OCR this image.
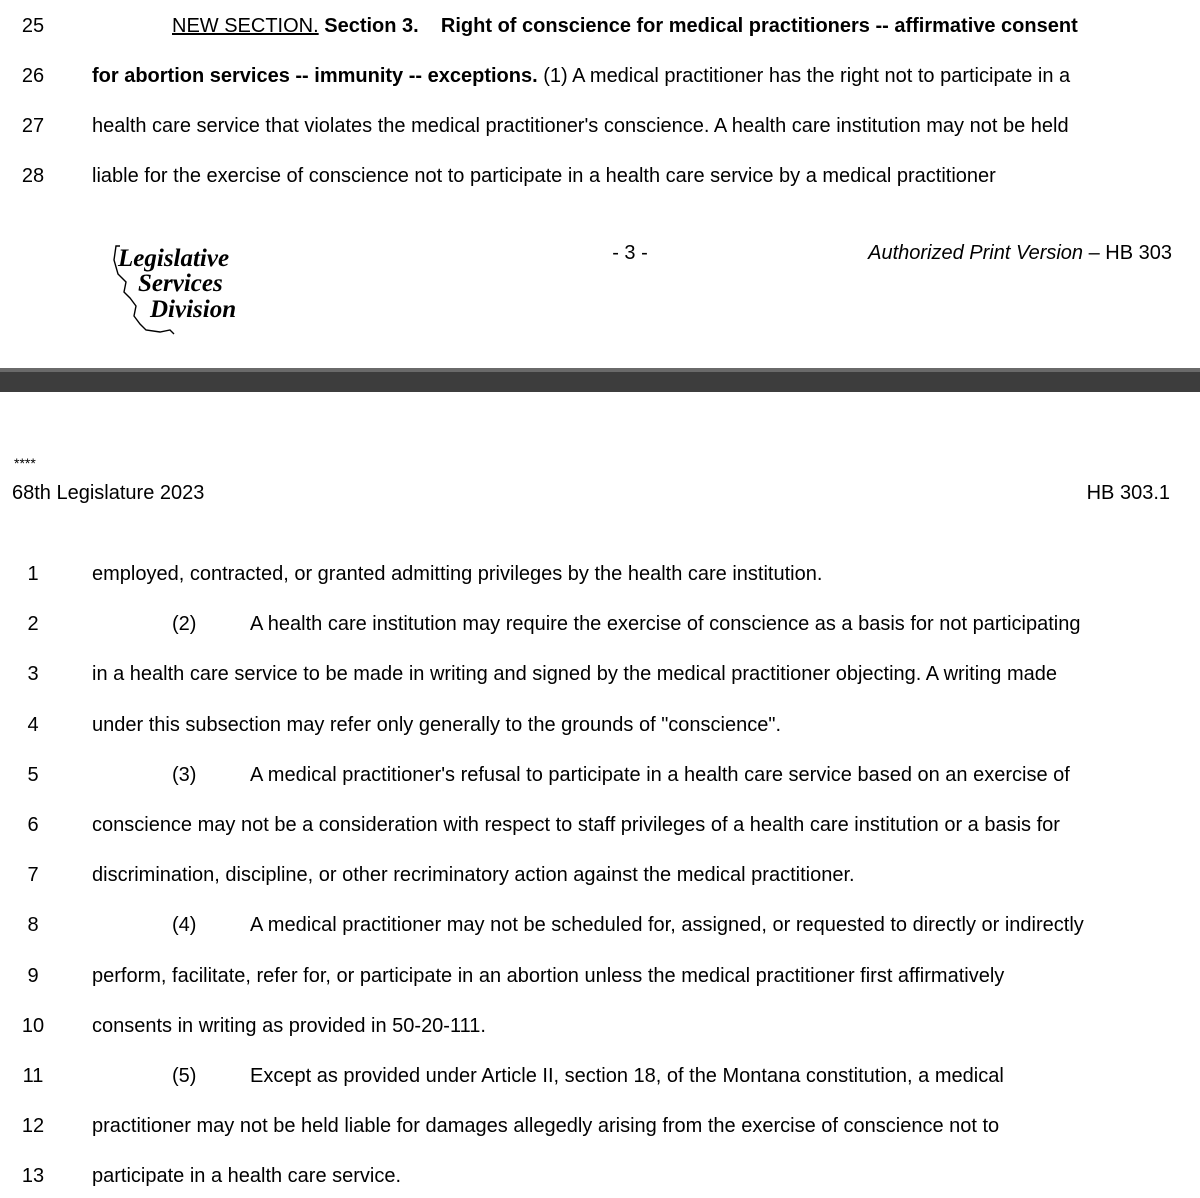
25	NEW SECTION. Section 3.    Right of conscience for medical practitioners -- affirmative consent
26	for abortion services -- immunity -- exceptions. (1) A medical practitioner has the right not to participate in a
27	health care service that violates the medical practitioner's conscience. A health care institution may not be held
28	liable for the exercise of conscience not to participate in a health care service by a medical practitioner
Legislative
Services
Division
- 3 -	Authorized Print Version – HB 303
****
68th Legislature 2023	HB 303.1
1	employed, contracted, or granted admitting privileges by the health care institution.
2	(2)	A health care institution may require the exercise of conscience as a basis for not participating
3	in a health care service to be made in writing and signed by the medical practitioner objecting. A writing made
4	under this subsection may refer only generally to the grounds of "conscience".
5	(3)	A medical practitioner's refusal to participate in a health care service based on an exercise of
6	conscience may not be a consideration with respect to staff privileges of a health care institution or a basis for
7	discrimination, discipline, or other recriminatory action against the medical practitioner.
8	(4)	A medical practitioner may not be scheduled for, assigned, or requested to directly or indirectly
9	perform, facilitate, refer for, or participate in an abortion unless the medical practitioner first affirmatively
10	consents in writing as provided in 50-20-111.
11	(5)	Except as provided under Article II, section 18, of the Montana constitution, a medical
12	practitioner may not be held liable for damages allegedly arising from the exercise of conscience not to
13	participate in a health care service.
